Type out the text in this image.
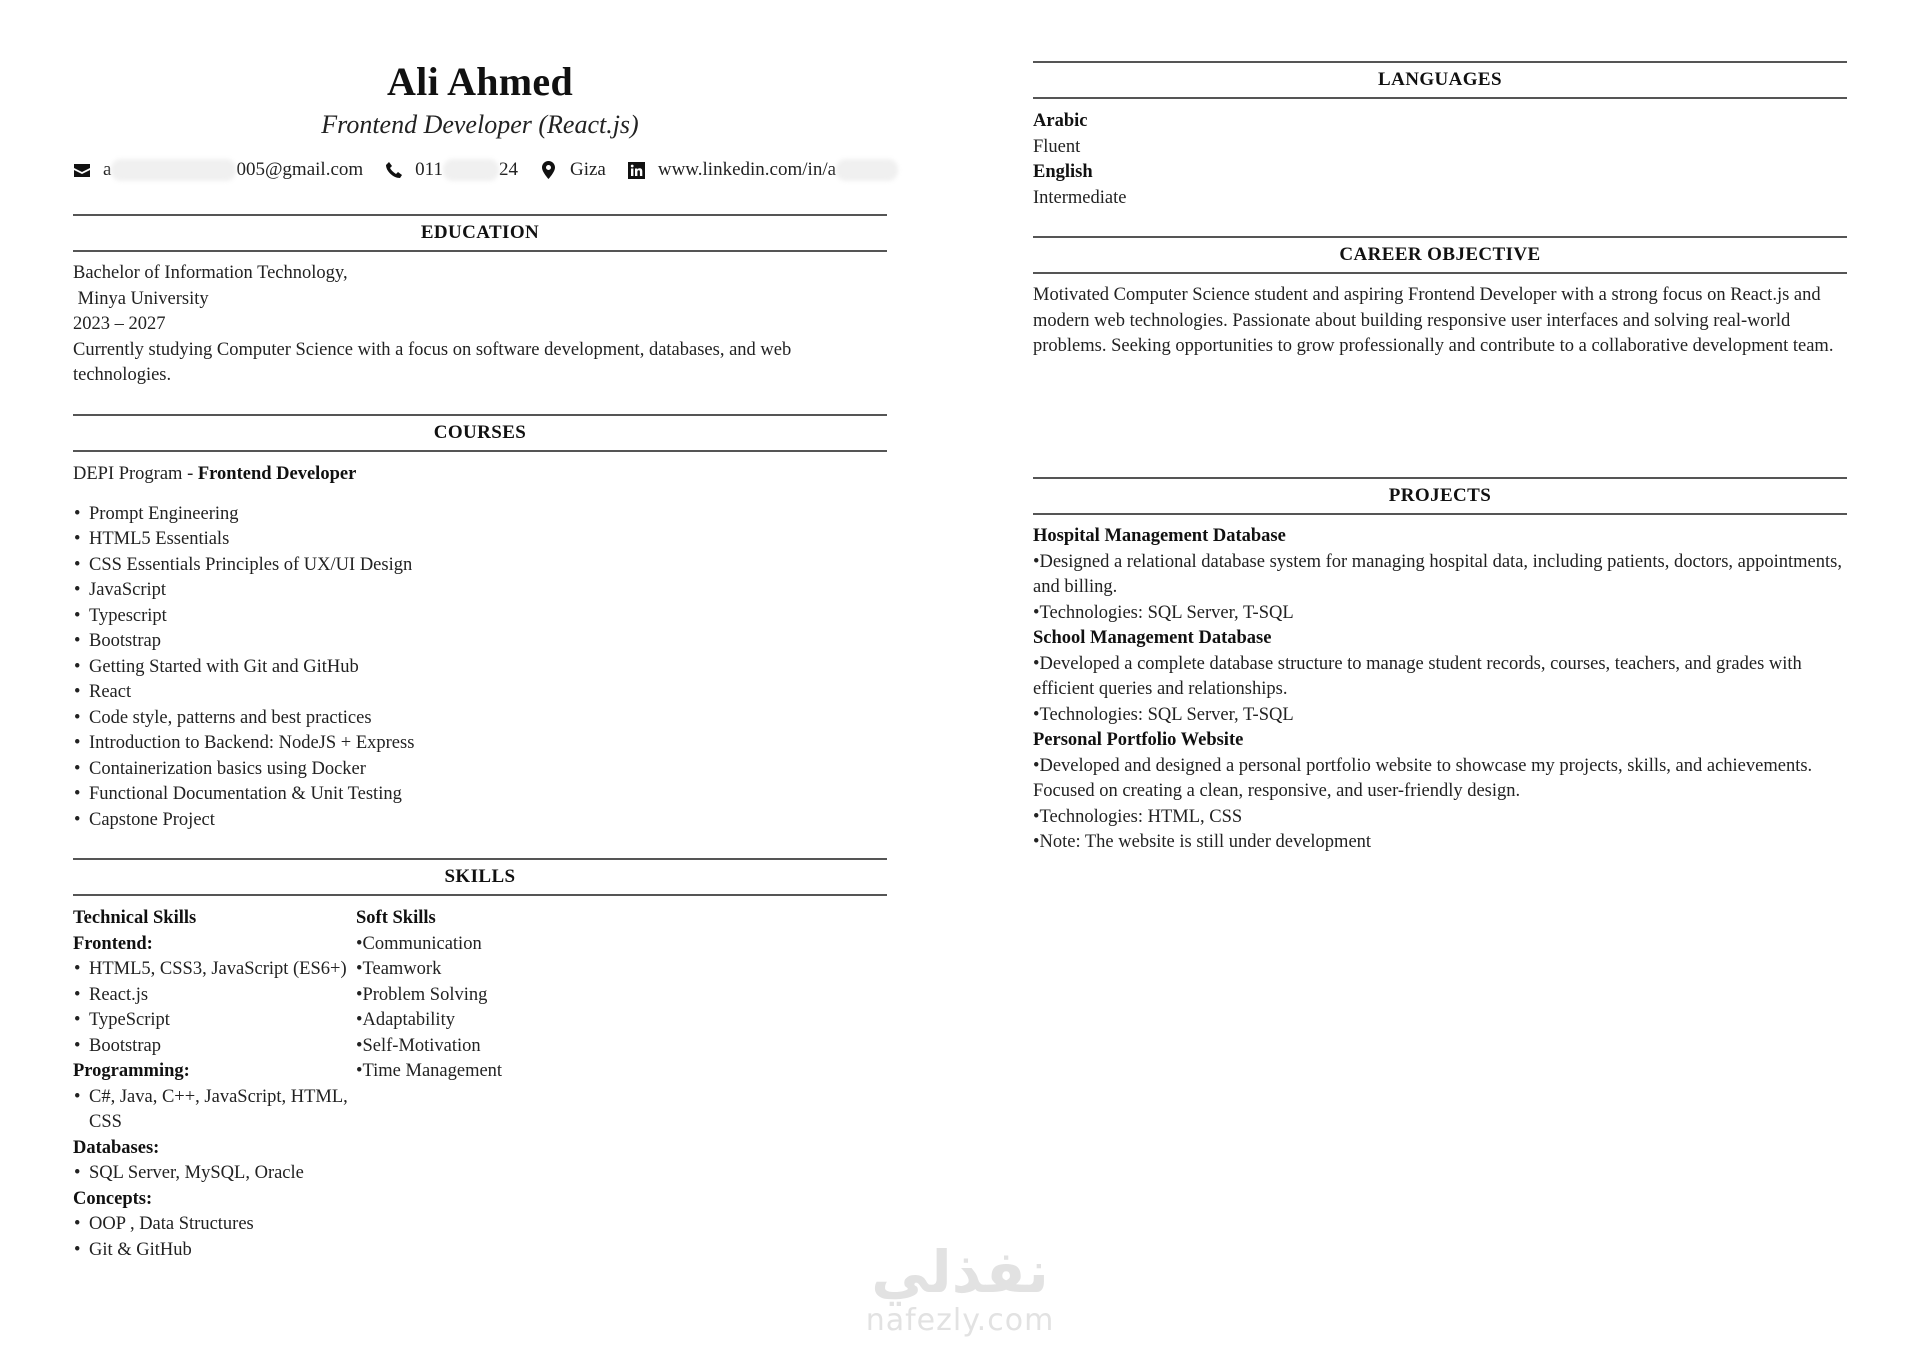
Ali Ahmed
Frontend Developer (React.js)
a	005@gmail.com	011	24	Giza	www.linkedin.com/in/a
EDUCATION

Bachelor of Information Technology,

Minya University

2023 – 2027

Currently studying Computer Science with a focus on software development, databases, and web technologies.

COURSES

DEPI Program - Frontend Developer

• Prompt Engineering
• HTML5 Essentials
• CSS Essentials Principles of UX/UI Design
• JavaScript
• Typescript
• Bootstrap
• Getting Started with Git and GitHub
• React
• Code style, patterns and best practices
• Introduction to Backend: NodeJS + Express
• Containerization basics using Docker
• Functional Documentation & Unit Testing
• Capstone Project
SKILLS

Technical Skills

Frontend:

• HTML5, CSS3, JavaScript (ES6+)
• React.js
• TypeScript
• Bootstrap

Programming:

• C#, Java, C++, JavaScript, HTML, CSS

Databases:

• SQL Server, MySQL, Oracle

Concepts:

• OOP , Data Structures
• Git & GitHub

Soft Skills

•Communication

•Teamwork

•Problem Solving

•Adaptability

•Self-Motivation

•Time Management

LANGUAGES

Arabic

Fluent

English

Intermediate

CAREER OBJECTIVE

Motivated Computer Science student and aspiring Frontend Developer with a strong focus on React.js and modern web technologies. Passionate about building responsive user interfaces and solving real-world problems. Seeking opportunities to grow professionally and contribute to a collaborative development team.

PROJECTS

Hospital Management Database

•Designed a relational database system for managing hospital data, including patients, doctors, appointments, and billing.

•Technologies: SQL Server, T-SQL

School Management Database

•Developed a complete database structure to manage student records, courses, teachers, and grades with efficient queries and relationships.

•Technologies: SQL Server, T-SQL

Personal Portfolio Website

•Developed and designed a personal portfolio website to showcase my projects, skills, and achievements. Focused on creating a clean, responsive, and user-friendly design.

•Technologies: HTML, CSS

•Note: The website is still under development

نفذلي
nafezly.com
